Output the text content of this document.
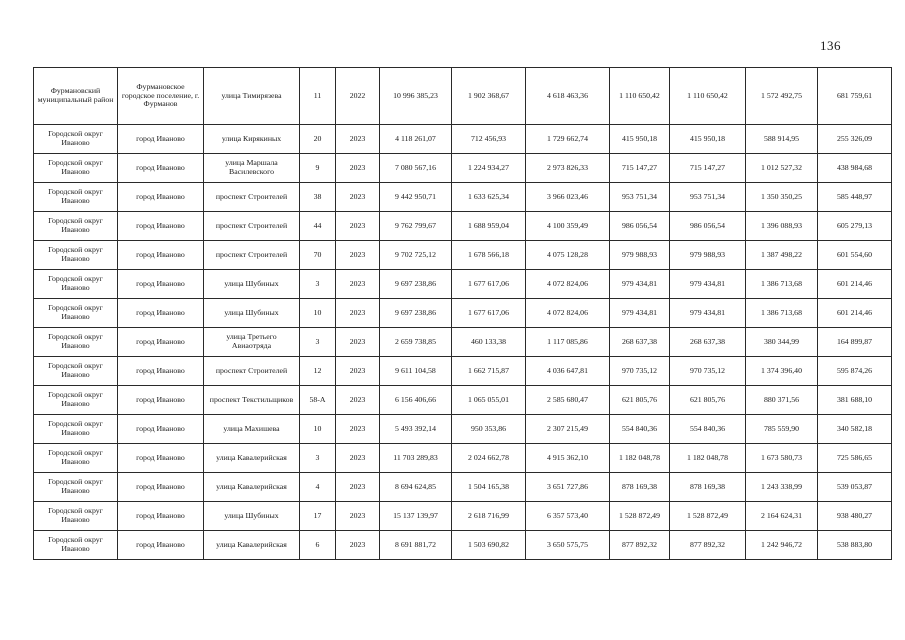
136
Фурмановский муниципальный район	Фурмановское городское поселение, г. Фурманов	улица Тимирязева	11	2022	10 996 385,23	1 902 368,67	4 618 463,36	1 110 650,42	1 110 650,42	1 572 492,75	681 759,61
Городской округ Иваново	город Иваново	улица Кирякиных	20	2023	4 118 261,07	712 456,93	1 729 662,74	415 950,18	415 950,18	588 914,95	255 326,09
Городской округ Иваново	город Иваново	улица Маршала Василевского	9	2023	7 080 567,16	1 224 934,27	2 973 826,33	715 147,27	715 147,27	1 012 527,32	438 984,68
Городской округ Иваново	город Иваново	проспект Строителей	38	2023	9 442 950,71	1 633 625,34	3 966 023,46	953 751,34	953 751,34	1 350 350,25	585 448,97
Городской округ Иваново	город Иваново	проспект Строителей	44	2023	9 762 799,67	1 688 959,04	4 100 359,49	986 056,54	986 056,54	1 396 088,93	605 279,13
Городской округ Иваново	город Иваново	проспект Строителей	70	2023	9 702 725,12	1 678 566,18	4 075 128,28	979 988,93	979 988,93	1 387 498,22	601 554,60
Городской округ Иваново	город Иваново	улица Шубиных	3	2023	9 697 238,86	1 677 617,06	4 072 824,06	979 434,81	979 434,81	1 386 713,68	601 214,46
Городской округ Иваново	город Иваново	улица Шубиных	10	2023	9 697 238,86	1 677 617,06	4 072 824,06	979 434,81	979 434,81	1 386 713,68	601 214,46
Городской округ Иваново	город Иваново	улица Третьего Авиаотряда	3	2023	2 659 738,85	460 133,38	1 117 085,86	268 637,38	268 637,38	380 344,99	164 899,87
Городской округ Иваново	город Иваново	проспект Строителей	12	2023	9 611 104,58	1 662 715,87	4 036 647,81	970 735,12	970 735,12	1 374 396,40	595 874,26
Городской округ Иваново	город Иваново	проспект Текстильщиков	58-А	2023	6 156 406,66	1 065 055,01	2 585 680,47	621 805,76	621 805,76	880 371,56	381 688,10
Городской округ Иваново	город Иваново	улица Махишева	10	2023	5 493 392,14	950 353,86	2 307 215,49	554 840,36	554 840,36	785 559,90	340 582,18
Городской округ Иваново	город Иваново	улица Кавалерийская	3	2023	11 703 289,83	2 024 662,78	4 915 362,10	1 182 048,78	1 182 048,78	1 673 580,73	725 586,65
Городской округ Иваново	город Иваново	улица Кавалерийская	4	2023	8 694 624,85	1 504 165,38	3 651 727,86	878 169,38	878 169,38	1 243 338,99	539 053,87
Городской округ Иваново	город Иваново	улица Шубиных	17	2023	15 137 139,97	2 618 716,99	6 357 573,40	1 528 872,49	1 528 872,49	2 164 624,31	938 480,27
Городской округ Иваново	город Иваново	улица Кавалерийская	6	2023	8 691 881,72	1 503 690,82	3 650 575,75	877 892,32	877 892,32	1 242 946,72	538 883,80
